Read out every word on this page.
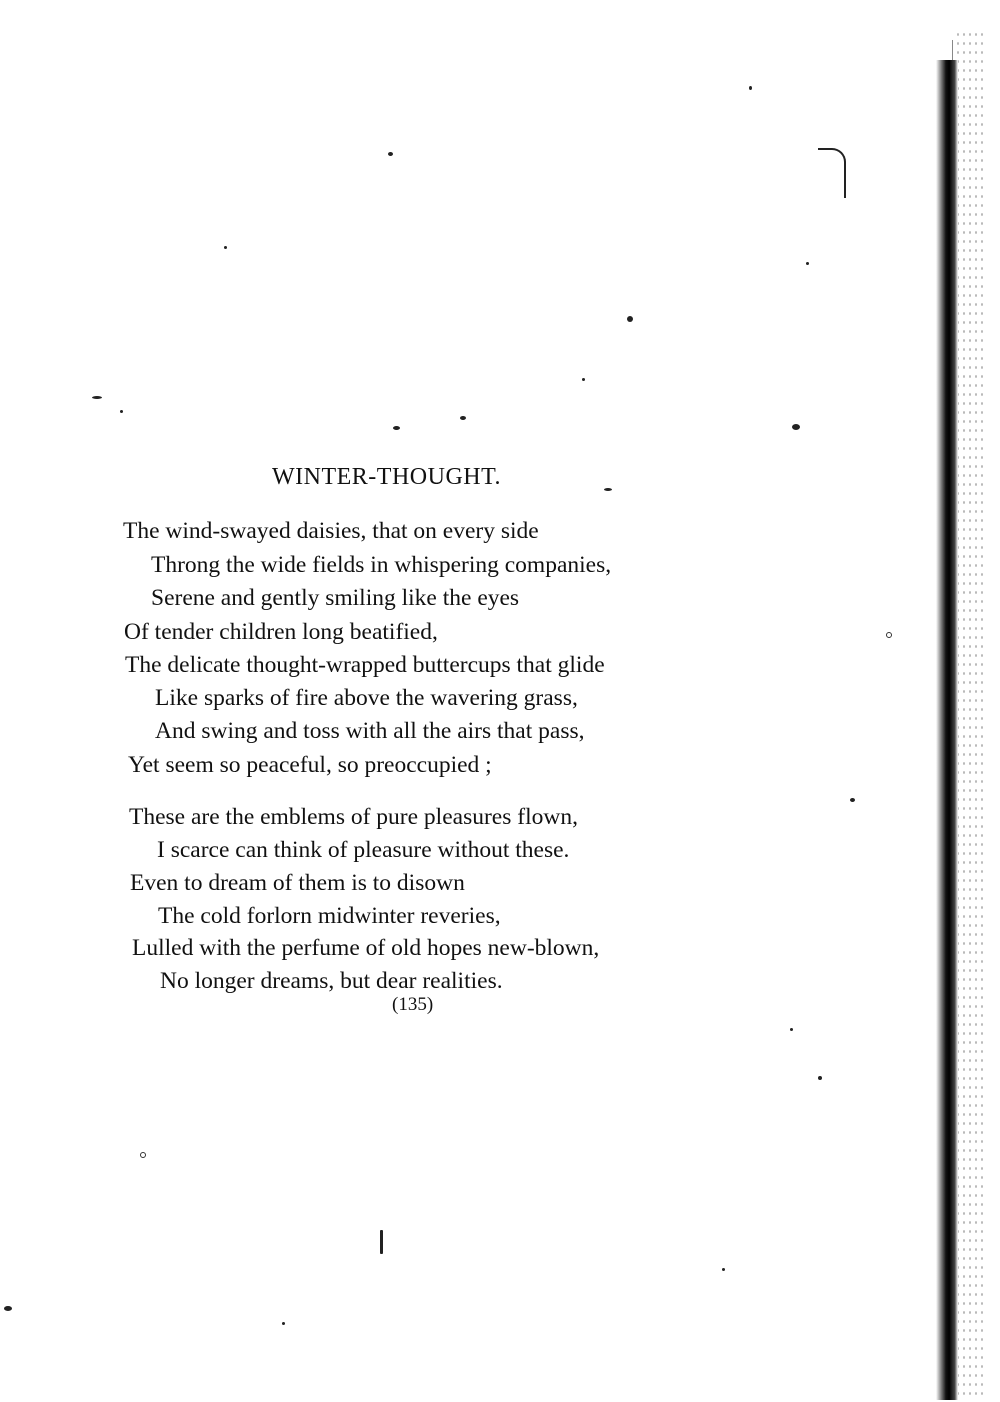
WINTER-THOUGHT.
The wind-swayed daisies, that on every side
Throng the wide fields in whispering companies,
Serene and gently smiling like the eyes
Of tender children long beatified,
The delicate thought-wrapped buttercups that glide
Like sparks of fire above the wavering grass,
And swing and toss with all the airs that pass,
Yet seem so peaceful, so preoccupied ;
These are the emblems of pure pleasures flown,
I scarce can think of pleasure without these.
Even to dream of them is to disown
The cold forlorn midwinter reveries,
Lulled with the perfume of old hopes new-blown,
No longer dreams, but dear realities.
(135)
